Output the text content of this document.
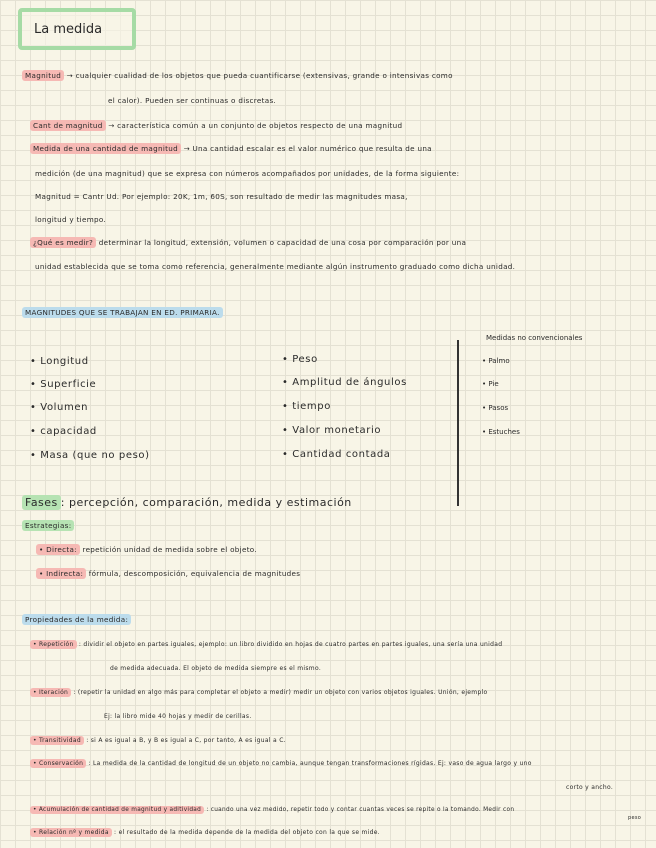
La medida
Magnitud → cualquier cualidad de los objetos que pueda cuantificarse (extensivas, grande o intensivas como
el calor). Pueden ser continuas o discretas.
Cant de magnitud → característica común a un conjunto de objetos respecto de una magnitud
Medida de una cantidad de magnitud → Una cantidad escalar es el valor numérico que resulta de una
medición (de una magnitud) que se expresa con números acompañados por unidades, de la forma siguiente:
Magnitud = Cantr Ud. Por ejemplo: 20K, 1m, 60S, son resultado de medir las magnitudes masa,
longitud y tiempo.
¿Qué es medir? determinar la longitud, extensión, volumen o capacidad de una cosa por comparación por una
unidad establecida que se toma como referencia, generalmente mediante algún instrumento graduado como dicha unidad.
MAGNITUDES QUE SE TRABAJAN EN ED. PRIMARIA.
• Longitud
• Superficie
• Volumen
• capacidad
• Masa (que no peso)
• Peso
• Amplitud de ángulos
• tiempo
• Valor monetario
• Cantidad contada
Medidas no convencionales
• Palmo
• Pie
• Pasos
• Estuches
Fases : percepción, comparación, medida y estimación
Estrategias:
• Directa: repetición unidad de medida sobre el objeto.
• Indirecta: fórmula, descomposición, equivalencia de magnitudes
Propiedades de la medida:
• Repetición : dividir el objeto en partes iguales, ejemplo: un libro dividido en hojas de cuatro partes en partes iguales, una sería una unidad
de medida adecuada. El objeto de medida siempre es el mismo.
• Iteración : (repetir la unidad en algo más para completar el objeto a medir) medir un objeto con varios objetos iguales. Unión, ejemplo
Ej: la libro mide 40 hojas y medir de cerillas.
• Transitividad : si A es igual a B, y B es igual a C, por tanto, A es igual a C.
• Conservación : La medida de la cantidad de longitud de un objeto no cambia, aunque tengan transformaciones rígidas. Ej: vaso de agua largo y uno
corto y ancho.
• Acumulación de cantidad de magnitud y aditividad : cuando una vez medido, repetir todo y contar cuantas veces se repite o la tomando. Medir con
peso
• Relación nº y medida : el resultado de la medida depende de la medida del objeto con la que se mide.
